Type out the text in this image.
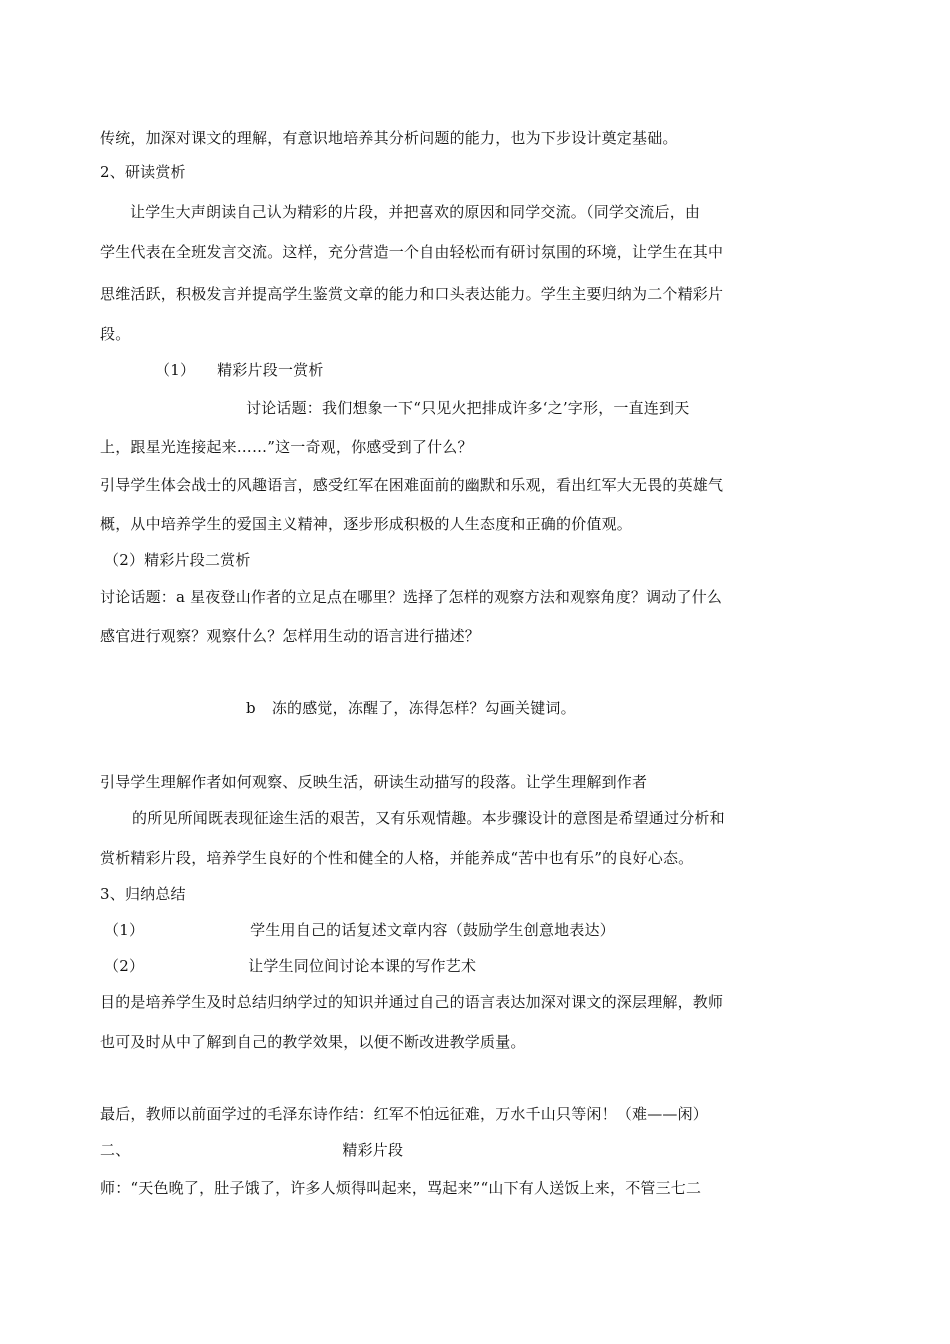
传统，加深对课文的理解，有意识地培养其分析问题的能力，也为下步设计奠定基础。
2、研读赏析
让学生大声朗读自己认为精彩的片段，并把喜欢的原因和同学交流。（同学交流后，由
学生代表在全班发言交流。这样，充分营造一个自由轻松而有研讨氛围的环境，让学生在其中
思维活跃，积极发言并提高学生鉴赏文章的能力和口头表达能力。学生主要归纳为二个精彩片
段。
（1） 精彩片段一赏析
讨论话题：我们想象一下“只见火把排成许多‘之’字形，一直连到天
上，跟星光连接起来……”这一奇观，你感受到了什么？
引导学生体会战士的风趣语言，感受红军在困难面前的幽默和乐观，看出红军大无畏的英雄气
概，从中培养学生的爱国主义精神，逐步形成积极的人生态度和正确的价值观。
（2）精彩片段二赏析
讨论话题：a 星夜登山作者的立足点在哪里？选择了怎样的观察方法和观察角度？调动了什么
感官进行观察？观察什么？怎样用生动的语言进行描述？
b 冻的感觉，冻醒了，冻得怎样？勾画关键词。
引导学生理解作者如何观察、反映生活，研读生动描写的段落。让学生理解到作者
的所见所闻既表现征途生活的艰苦，又有乐观情趣。本步骤设计的意图是希望通过分析和
赏析精彩片段，培养学生良好的个性和健全的人格，并能养成“苦中也有乐”的良好心态。
3、归纳总结
（1）	学生用自己的话复述文章内容（鼓励学生创意地表达）
（2）	让学生同位间讨论本课的写作艺术
目的是培养学生及时总结归纳学过的知识并通过自己的语言表达加深对课文的深层理解，教师
也可及时从中了解到自己的教学效果，以便不断改进教学质量。
最后，教师以前面学过的毛泽东诗作结：红军不怕远征难，万水千山只等闲！（难——闲）
二、	精彩片段
师：“天色晚了，肚子饿了，许多人烦得叫起来，骂起来”“山下有人送饭上来，不管三七二
